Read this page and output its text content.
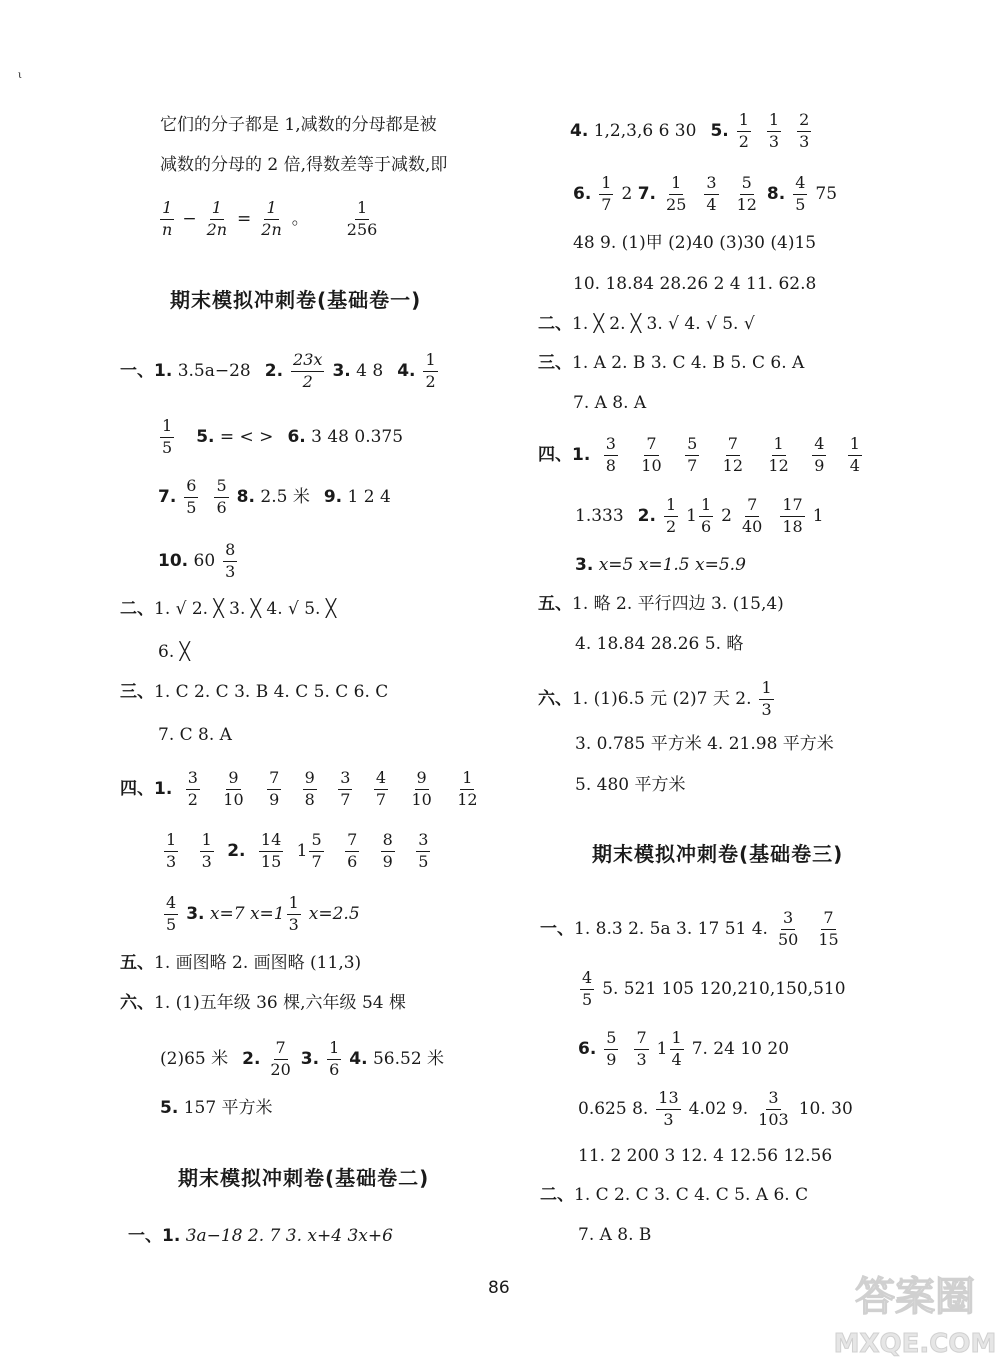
ι
它们的分子都是 1,减数的分母都是被
减数的分母的 2 倍,得数差等于减数,即
$\frac{1}{n} - \frac{1}{2n} = \frac{1}{2n}$ 。 $\frac{1}{256}$
期末模拟冲刺卷(基础卷一)
一、1. 3.5a−28 2. $\frac{23x}{2} 3$. 4 8 4. $\frac{1}{2}$
$\frac{1}{5} 5$. = < > 6. 3 48 0.375
7. $\frac{6}{5} \frac{5}{6} 8$. 2.5 米 9. 1 2 4
10. $60 \frac{8}{3}$
二、1. √ 2. ╳ 3. ╳ 4. √ 5. ╳
6. ╳
三、1. C 2. C 3. B 4. C 5. C 6. C
7. C 8. A
四、1. $\frac{3}{2}$
$\frac{9}{10}$
$\frac{7}{9}$
$\frac{9}{8}$
$\frac{3}{7}$
$\frac{4}{7}$
$\frac{9}{10}$
$\frac{1}{12}$
$\frac{1}{3}$
$\frac{1}{3} 2$. $\frac{14}{15} 1 \frac{5}{7}$
$\frac{7}{6}$
$\frac{8}{9}$
$\frac{3}{5}$
$\frac{4}{5} 3$. x=7 $x=1 \frac{1}{3} x=2.5$
五、1. 画图略 2. 画图略 (11,3)
六、1. (1)五年级 36 棵,六年级 54 棵
(2)65 米 2. $\frac{7}{20} 3$. $\frac{1}{6} 4$. 56.52 米
5. 157 平方米
期末模拟冲刺卷(基础卷二)
一、1. 3a−18 2. 7 3. x+4 3x+6
4. 1,2,3,6 6 30 5. $\frac{1}{2} \frac{1}{3} \frac{2}{3}$
6. $\frac{1}{7} 2$ 7. $\frac{1}{25} \frac{3}{4} \frac{5}{12} 8$. $\frac{4}{5} 75$
48 9. (1)甲 (2)40 (3)30 (4)15
10. 18.84 28.26 2 4 11. 62.8
二、1. ╳ 2. ╳ 3. √ 4. √ 5. √
三、1. A 2. B 3. C 4. B 5. C 6. A
7. A 8. A
四、1. $\frac{3}{8}$
$\frac{7}{10}$
$\frac{5}{7}$
$\frac{7}{12}$
$\frac{1}{12}$
$\frac{4}{9}$
$\frac{1}{4}$
1.333 2. $\frac{1}{2} 1 \frac{1}{6} 2 \frac{7}{40} \frac{17}{18} 1$
3. x=5 x=1.5 x=5.9
五、1. 略 2. 平行四边 3. (15,4)
4. 18.84 28.26 5. 略
六、1. (1)6.5 元 (2)7 天 2. $\frac{1}{3}$
3. 0.785 平方米 4. 21.98 平方米
5. 480 平方米
期末模拟冲刺卷(基础卷三)
一、1. 8.3 2. 5a 3. 17 51 4. $\frac{3}{50} \frac{7}{15}$
$\frac{4}{5} 5$. 521 105 120,210,150,510
6. $\frac{5}{9} \frac{7}{3} 1 \frac{1}{4} 7$. 24 10 20
0.625 8. $\frac{13}{3} 4.02$ 9. $\frac{3}{103} 10$. 30
11. 2 200 3 12. 4 12.56 12.56
二、1. C 2. C 3. C 4. C 5. A 6. C
7. A 8. B
86	答案圈
MXQE.COM
